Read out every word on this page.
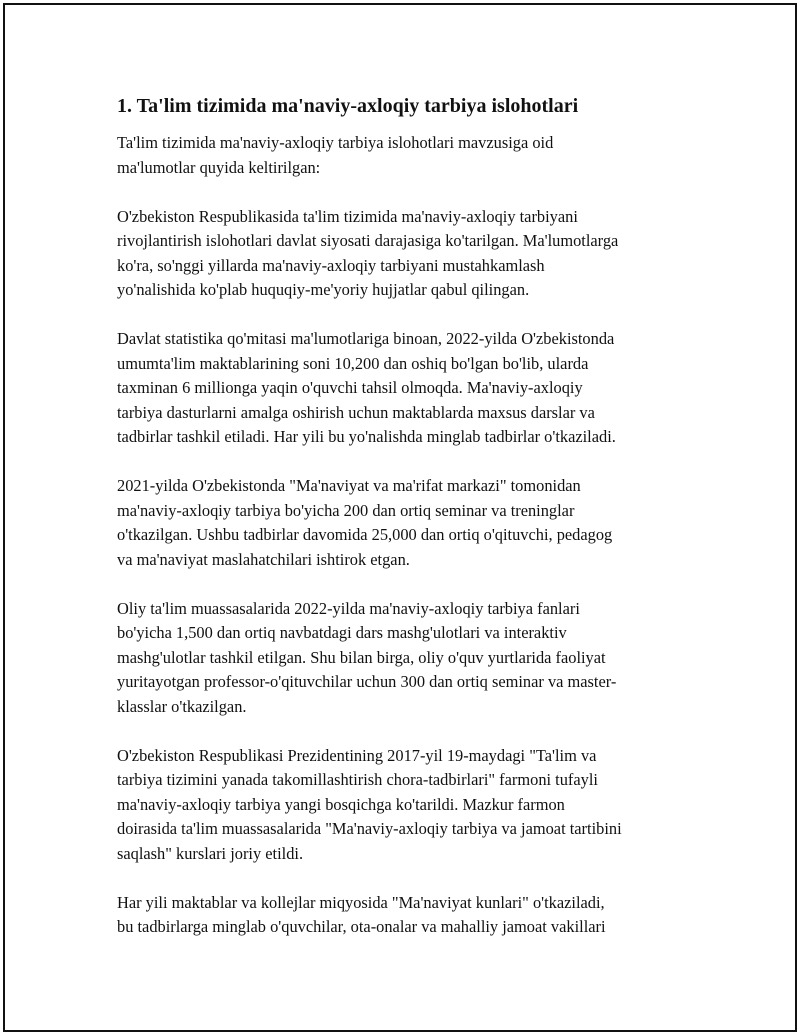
1. Ta'lim tizimida ma'naviy-axloqiy tarbiya islohotlari

Ta'lim tizimida ma'naviy-axloqiy tarbiya islohotlari mavzusiga oid
ma'lumotlar quyida keltirilgan:

O'zbekiston Respublikasida ta'lim tizimida ma'naviy-axloqiy tarbiyani
rivojlantirish islohotlari davlat siyosati darajasiga ko'tarilgan. Ma'lumotlarga
ko'ra, so'nggi yillarda ma'naviy-axloqiy tarbiyani mustahkamlash
yo'nalishida ko'plab huquqiy-me'yoriy hujjatlar qabul qilingan.

Davlat statistika qo'mitasi ma'lumotlariga binoan, 2022-yilda O'zbekistonda
umumta'lim maktablarining soni 10,200 dan oshiq bo'lgan bo'lib, ularda
taxminan 6 millionga yaqin o'quvchi tahsil olmoqda. Ma'naviy-axloqiy
tarbiya dasturlarni amalga oshirish uchun maktablarda maxsus darslar va
tadbirlar tashkil etiladi. Har yili bu yo'nalishda minglab tadbirlar o'tkaziladi.

2021-yilda O'zbekistonda "Ma'naviyat va ma'rifat markazi" tomonidan
ma'naviy-axloqiy tarbiya bo'yicha 200 dan ortiq seminar va treninglar
o'tkazilgan. Ushbu tadbirlar davomida 25,000 dan ortiq o'qituvchi, pedagog
va ma'naviyat maslahatchilari ishtirok etgan.

Oliy ta'lim muassasalarida 2022-yilda ma'naviy-axloqiy tarbiya fanlari
bo'yicha 1,500 dan ortiq navbatdagi dars mashg'ulotlari va interaktiv
mashg'ulotlar tashkil etilgan. Shu bilan birga, oliy o'quv yurtlarida faoliyat
yuritayotgan professor-o'qituvchilar uchun 300 dan ortiq seminar va master-
klasslar o'tkazilgan.

O'zbekiston Respublikasi Prezidentining 2017-yil 19-maydagi "Ta'lim va
tarbiya tizimini yanada takomillashtirish chora-tadbirlari" farmoni tufayli
ma'naviy-axloqiy tarbiya yangi bosqichga ko'tarildi. Mazkur farmon
doirasida ta'lim muassasalarida "Ma'naviy-axloqiy tarbiya va jamoat tartibini
saqlash" kurslari joriy etildi.

Har yili maktablar va kollejlar miqyosida "Ma'naviyat kunlari" o'tkaziladi,
bu tadbirlarga minglab o'quvchilar, ota-onalar va mahalliy jamoat vakillari
